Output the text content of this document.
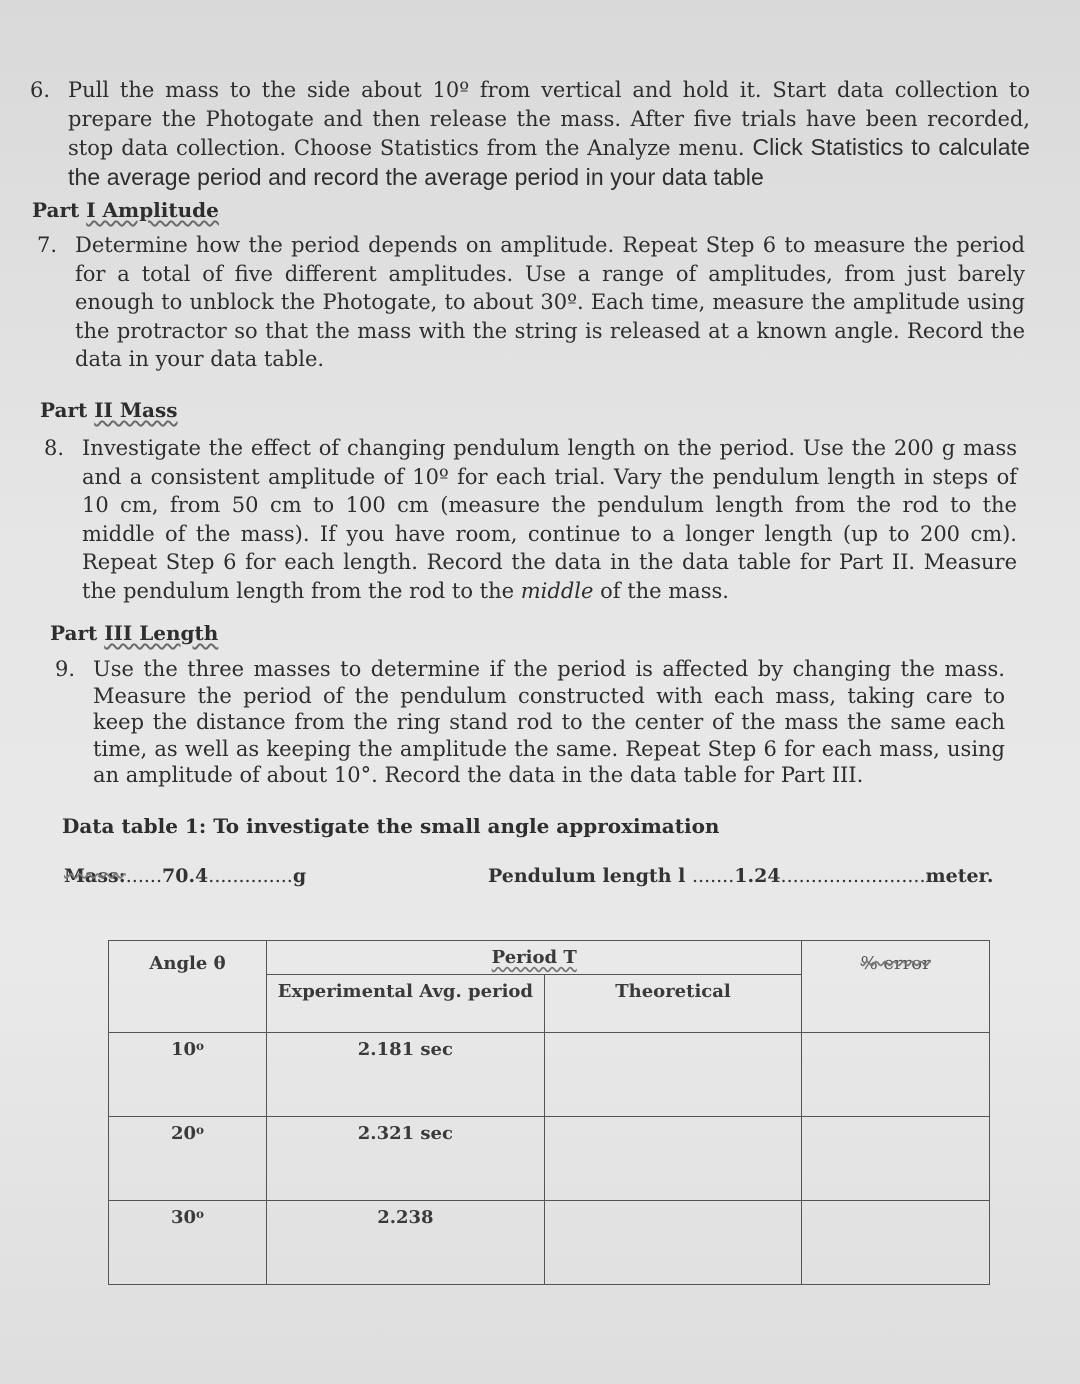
6. Pull the mass to the side about 10º from vertical and hold it. Start data collection to prepare the Photogate and then release the mass. After five trials have been recorded, stop data collection. Choose Statistics from the Analyze menu. Click Statistics to calculate the average period and record the average period in your data table
Part I Amplitude
7. Determine how the period depends on amplitude. Repeat Step 6 to measure the period for a total of five different amplitudes. Use a range of amplitudes, from just barely enough to unblock the Photogate, to about 30º. Each time, measure the amplitude using the protractor so that the mass with the string is released at a known angle. Record the data in your data table.
Part II Mass
8. Investigate the effect of changing pendulum length on the period. Use the 200 g mass and a consistent amplitude of 10º for each trial. Vary the pendulum length in steps of 10 cm, from 50 cm to 100 cm (measure the pendulum length from the rod to the middle of the mass). If you have room, continue to a longer length (up to 200 cm). Repeat Step 6 for each length. Record the data in the data table for Part II. Measure the pendulum length from the rod to the middle of the mass.
Part III Length
9. Use the three masses to determine if the period is affected by changing the mass. Measure the period of the pendulum constructed with each mass, taking care to keep the distance from the ring stand rod to the center of the mass the same each time, as well as keeping the amplitude the same. Repeat Step 6 for each mass, using an amplitude of about 10°. Record the data in the data table for Part III.
Data table 1: To investigate the small angle approximation
Mass:......70.4..............g	Pendulum length l .......1.24........................meter.
Angle θ	Period T		% error
	Experimental Avg. period	Theoretical	
10$^o$	2.181 sec		
20$^o$	2.321 sec		
30$^o$	2.238		
